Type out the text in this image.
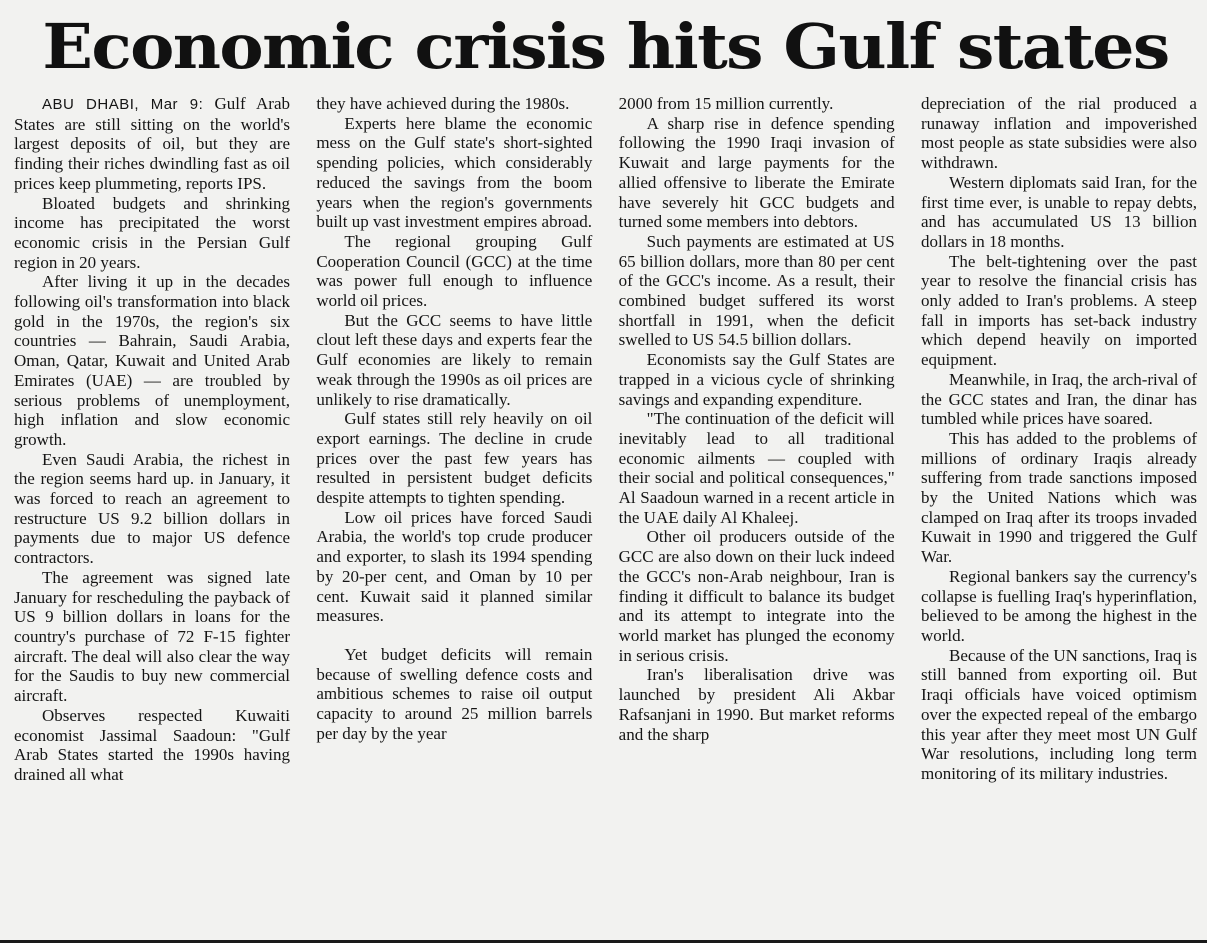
Economic crisis hits Gulf states

ABU DHABI, Mar 9: Gulf Arab States are still sitting on the world's largest deposits of oil, but they are finding their riches dwindling fast as oil prices keep plummeting, reports IPS.

Bloated budgets and shrinking income has precipitated the worst economic crisis in the Persian Gulf region in 20 years.

After living it up in the decades following oil's transformation into black gold in the 1970s, the region's six countries — Bahrain, Saudi Arabia, Oman, Qatar, Kuwait and United Arab Emirates (UAE) — are troubled by serious problems of unemployment, high inflation and slow economic growth.

Even Saudi Arabia, the richest in the region seems hard up. in January, it was forced to reach an agreement to restructure US 9.2 billion dollars in payments due to major US defence contractors.

The agreement was signed late January for rescheduling the payback of US 9 billion dollars in loans for the country's purchase of 72 F-15 fighter aircraft. The deal will also clear the way for the Saudis to buy new commercial aircraft.

Observes respected Kuwaiti economist Jassimal Saadoun: "Gulf Arab States started the 1990s having drained all what

they have achieved during the 1980s.

Experts here blame the economic mess on the Gulf state's short-sighted spending policies, which considerably reduced the savings from the boom years when the region's governments built up vast investment empires abroad.

The regional grouping Gulf Cooperation Council (GCC) at the time was power full enough to influence world oil prices.

But the GCC seems to have little clout left these days and experts fear the Gulf economies are likely to remain weak through the 1990s as oil prices are unlikely to rise dramatically.

Gulf states still rely heavily on oil export earnings. The decline in crude prices over the past few years has resulted in persistent budget deficits despite attempts to tighten spending.

Low oil prices have forced Saudi Arabia, the world's top crude producer and exporter, to slash its 1994 spending by 20-per cent, and Oman by 10 per cent. Kuwait said it planned similar measures.

Yet budget deficits will remain because of swelling defence costs and ambitious schemes to raise oil output capacity to around 25 million barrels per day by the year

2000 from 15 million currently.

A sharp rise in defence spending following the 1990 Iraqi invasion of Kuwait and large payments for the allied offensive to liberate the Emirate have severely hit GCC budgets and turned some members into debtors.

Such payments are estimated at US 65 billion dollars, more than 80 per cent of the GCC's income. As a result, their combined budget suffered its worst shortfall in 1991, when the deficit swelled to US 54.5 billion dollars.

Economists say the Gulf States are trapped in a vicious cycle of shrinking savings and expanding expenditure.

"The continuation of the deficit will inevitably lead to all traditional economic ailments — coupled with their social and political consequences," Al Saadoun warned in a recent article in the UAE daily Al Khaleej.

Other oil producers outside of the GCC are also down on their luck indeed the GCC's non-Arab neighbour, Iran is finding it difficult to balance its budget and its attempt to integrate into the world market has plunged the economy in serious crisis.

Iran's liberalisation drive was launched by president Ali Akbar Rafsanjani in 1990. But market reforms and the sharp

depreciation of the rial produced a runaway inflation and impoverished most people as state subsidies were also withdrawn.

Western diplomats said Iran, for the first time ever, is unable to repay debts, and has accumulated US 13 billion dollars in 18 months.

The belt-tightening over the past year to resolve the financial crisis has only added to Iran's problems. A steep fall in imports has set-back industry which depend heavily on imported equipment.

Meanwhile, in Iraq, the arch-rival of the GCC states and Iran, the dinar has tumbled while prices have soared.

This has added to the problems of millions of ordinary Iraqis already suffering from trade sanctions imposed by the United Nations which was clamped on Iraq after its troops invaded Kuwait in 1990 and triggered the Gulf War.

Regional bankers say the currency's collapse is fuelling Iraq's hyperinflation, believed to be among the highest in the world.

Because of the UN sanctions, Iraq is still banned from exporting oil. But Iraqi officials have voiced optimism over the expected repeal of the embargo this year after they meet most UN Gulf War resolutions, including long term monitoring of its military industries.
